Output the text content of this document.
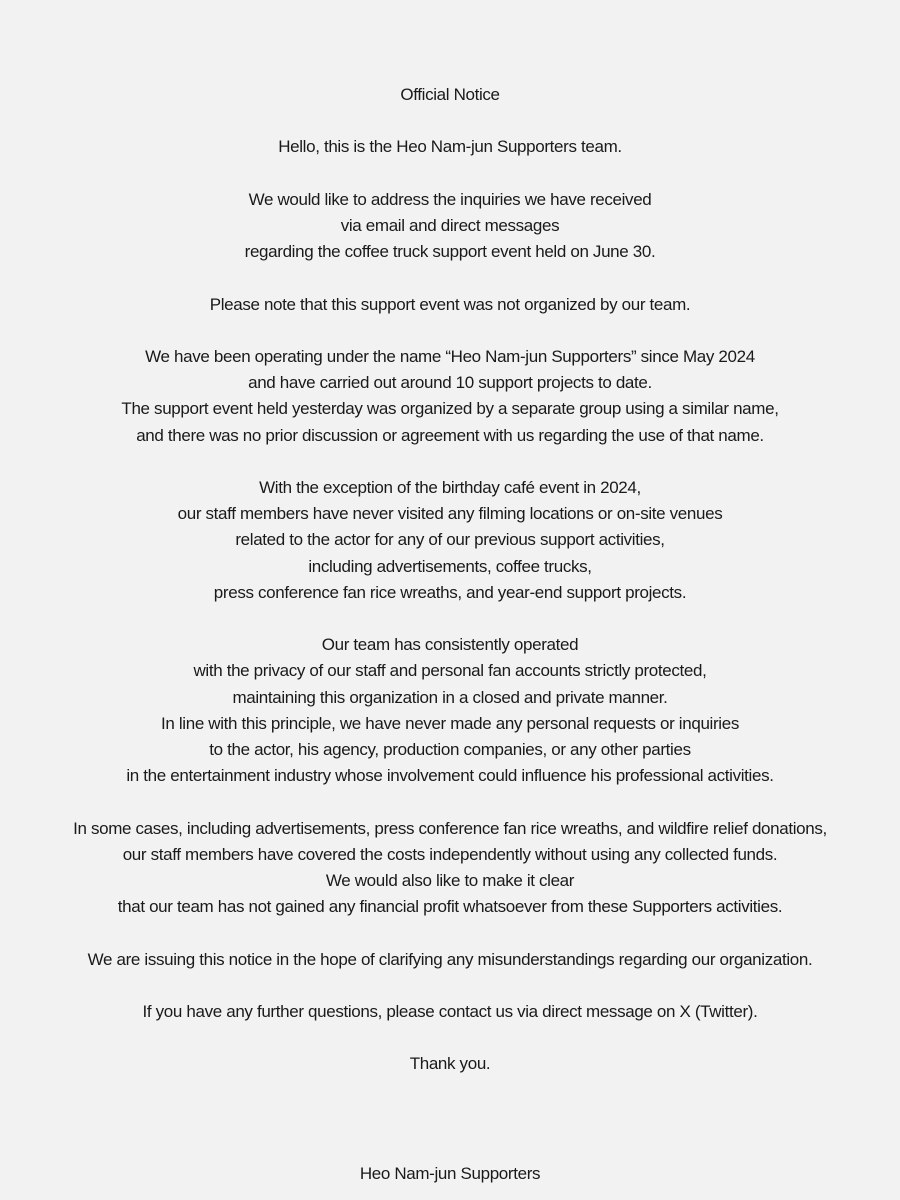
Official Notice

Hello, this is the Heo Nam-jun Supporters team.

We would like to address the inquiries we have received
via email and direct messages
regarding the coffee truck support event held on June 30.

Please note that this support event was not organized by our team.

We have been operating under the name “Heo Nam-jun Supporters” since May 2024
and have carried out around 10 support projects to date.
The support event held yesterday was organized by a separate group using a similar name,
and there was no prior discussion or agreement with us regarding the use of that name.

With the exception of the birthday café event in 2024,
our staff members have never visited any filming locations or on-site venues
related to the actor for any of our previous support activities,
including advertisements, coffee trucks,
press conference fan rice wreaths, and year-end support projects.

Our team has consistently operated
with the privacy of our staff and personal fan accounts strictly protected,
maintaining this organization in a closed and private manner.
In line with this principle, we have never made any personal requests or inquiries
to the actor, his agency, production companies, or any other parties
in the entertainment industry whose involvement could influence his professional activities.

In some cases, including advertisements, press conference fan rice wreaths, and wildfire relief donations,
our staff members have covered the costs independently without using any collected funds.
We would also like to make it clear
that our team has not gained any financial profit whatsoever from these Supporters activities.

We are issuing this notice in the hope of clarifying any misunderstandings regarding our organization.

If you have any further questions, please contact us via direct message on X (Twitter).

Thank you.

Heo Nam-jun Supporters
